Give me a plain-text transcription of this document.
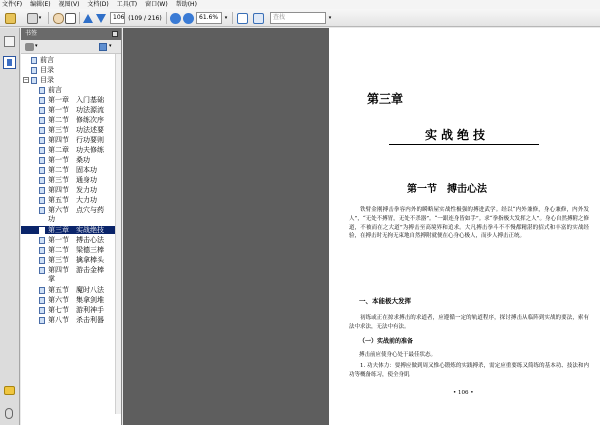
文件(F) 编辑(E) 视图(V) 文档(D) 工具(T) 窗口(W) 帮助(H)
▾	106 (109 / 216)	61.6%	▾	查找	▾
书签
▾	▾
前言
目录
− 目录
前言
第一章　入门基础
第一节　功法源流
第二节　修练次序
第三节　功法述要
第四节　行功要则
第二章　功夫修练
第一节　桑功
第二节　固本功
第三节　通身功
第四节　发力功
第五节　大力功
第六节　点穴与药功
第三章　实战绝技
第一节　搏击心法
第二节　梁德三棒
第三节　擒拿棒头
第四节　游击金棒掌
第五节　魔时八法
第六节　集拿剑堆
第七节　游利神手
第八节　杀击利器
第三章
实战绝技
第一节　搏击心法
铁臂金刚搏击拳容内外的瞬略屋实战性极强的搏进武学。经以“内外兼修，身心兼修，内外发人”，“无处不搏胃，无处不杀器”。“一跟连身皆如手”。求“拳指极大发挥之人”。身心自然搏附之修道，不被而在之大道”为搏击至高境界和追求。大凡搏击拳斗不不慢都精湛的招式和丰富的实战经验，在搏击时无拘无束地自然搏附就便在心身心极人，而步人搏击正统。
一、本能极大发挥
初练或正在掠求搏击的求道者，应遵循一定的轨道程序，探讨搏击从临阵到实战的要法，索有法中求法，无法中有法。
（一）实战前的准备
搏击前应使身心处于最佳状态。
1. 功夫体力：要搏应做到周又惟心锻炼的实践搏杀，需定应重要练又简练的基本功、技法和内功等概备练习，使全身肌
• 106 •
